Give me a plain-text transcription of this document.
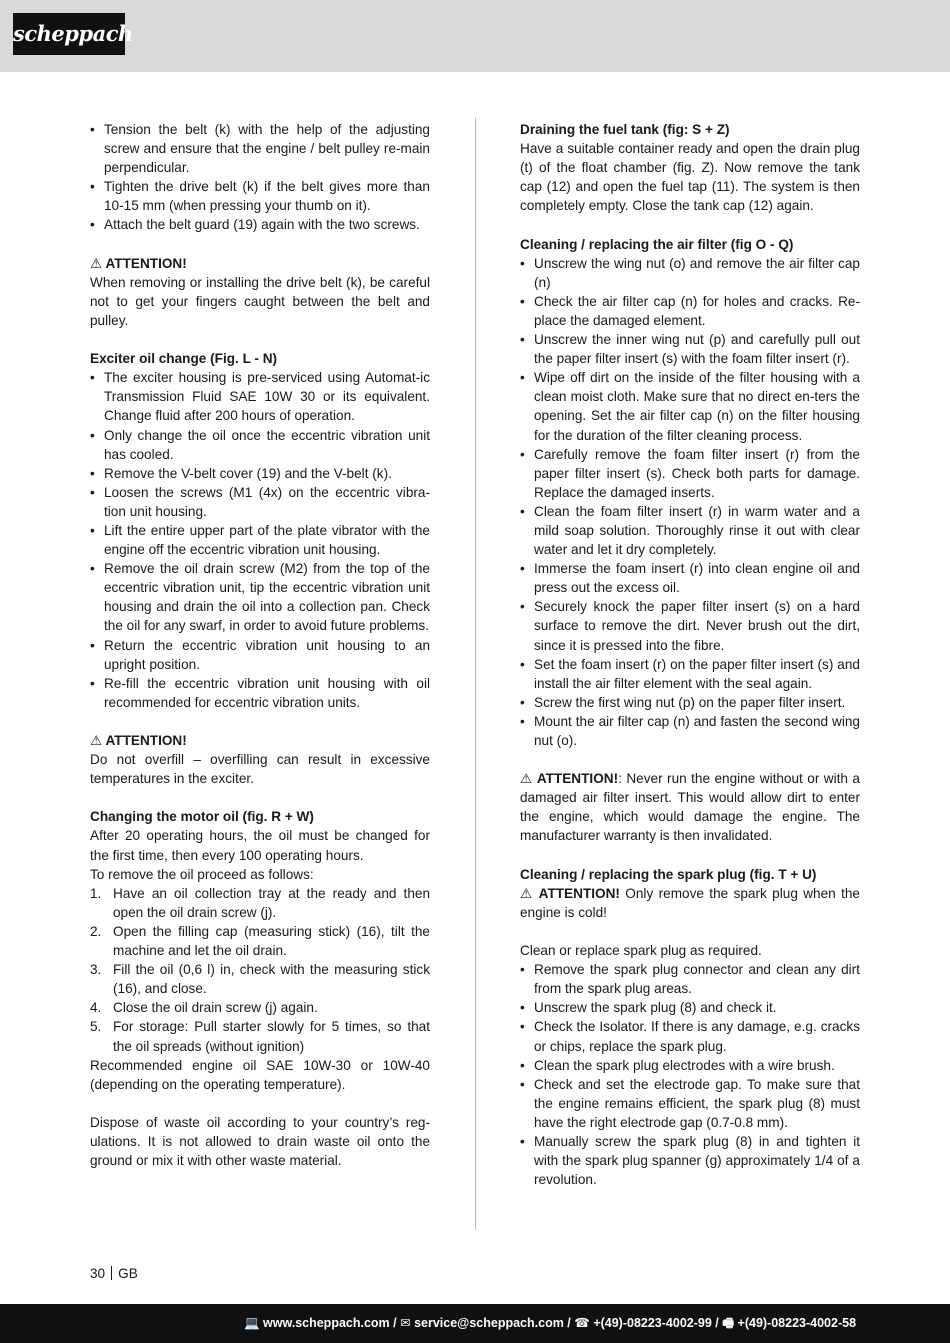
scheppach
• Tension the belt (k) with the help of the adjusting screw and ensure that the engine / belt pulley re-main perpendicular.
• Tighten the drive belt (k) if the belt gives more than 10-15 mm (when pressing your thumb on it).
• Attach the belt guard (19) again with the two screws.

⚠ ATTENTION!

When removing or installing the drive belt (k), be careful not to get your fingers caught between the belt and pulley.

Exciter oil change (Fig. L - N)

• The exciter housing is pre-serviced using Automat-ic Transmission Fluid SAE 10W 30 or its equivalent. Change fluid after 200 hours of operation.
• Only change the oil once the eccentric vibration unit has cooled.
• Remove the V-belt cover (19) and the V-belt (k).
• Loosen the screws (M1 (4x) on the eccentric vibra-tion unit housing.
• Lift the entire upper part of the plate vibrator with the engine off the eccentric vibration unit housing.
• Remove the oil drain screw (M2) from the top of the eccentric vibration unit, tip the eccentric vibration unit housing and drain the oil into a collection pan. Check the oil for any swarf, in order to avoid future problems.
• Return the eccentric vibration unit housing to an upright position.
• Re-fill the eccentric vibration unit housing with oil recommended for eccentric vibration units.

⚠ ATTENTION!

Do not overfill – overfilling can result in excessive temperatures in the exciter.

Changing the motor oil (fig. R + W)

After 20 operating hours, the oil must be changed for the first time, then every 100 operating hours.

To remove the oil proceed as follows:

1. Have an oil collection tray at the ready and then open the oil drain screw (j).
2. Open the filling cap (measuring stick) (16), tilt the machine and let the oil drain.
3. Fill the oil (0,6 l) in, check with the measuring stick (16), and close.
4. Close the oil drain screw (j) again.
5. For storage: Pull starter slowly for 5 times, so that the oil spreads (without ignition)

Recommended engine oil SAE 10W-30 or 10W-40 (depending on the operating temperature).

Dispose of waste oil according to your country’s reg-ulations. It is not allowed to drain waste oil onto the ground or mix it with other waste material.

Draining the fuel tank (fig: S + Z)

Have a suitable container ready and open the drain plug (t) of the float chamber (fig. Z). Now remove the tank cap (12) and open the fuel tap (11). The system is then completely empty. Close the tank cap (12) again.

Cleaning / replacing the air filter (fig O - Q)

• Unscrew the wing nut (o) and remove the air filter cap (n)
• Check the air filter cap (n) for holes and cracks. Re-place the damaged element.
• Unscrew the inner wing nut (p) and carefully pull out the paper filter insert (s) with the foam filter insert (r).
• Wipe off dirt on the inside of the filter housing with a clean moist cloth. Make sure that no direct en-ters the opening. Set the air filter cap (n) on the filter housing for the duration of the filter cleaning process.
• Carefully remove the foam filter insert (r) from the paper filter insert (s). Check both parts for damage. Replace the damaged inserts.
• Clean the foam filter insert (r) in warm water and a mild soap solution. Thoroughly rinse it out with clear water and let it dry completely.
• Immerse the foam insert (r) into clean engine oil and press out the excess oil.
• Securely knock the paper filter insert (s) on a hard surface to remove the dirt. Never brush out the dirt, since it is pressed into the fibre.
• Set the foam insert (r) on the paper filter insert (s) and install the air filter element with the seal again.
• Screw the first wing nut (p) on the paper filter insert.
• Mount the air filter cap (n) and fasten the second wing nut (o).

⚠ ATTENTION!: Never run the engine without or with a damaged air filter insert. This would allow dirt to enter the engine, which would damage the engine. The manufacturer warranty is then invalidated.

Cleaning / replacing the spark plug (fig. T + U)

⚠ ATTENTION! Only remove the spark plug when the engine is cold!

Clean or replace spark plug as required.

• Remove the spark plug connector and clean any dirt from the spark plug areas.
• Unscrew the spark plug (8) and check it.
• Check the Isolator. If there is any damage, e.g. cracks or chips, replace the spark plug.
• Clean the spark plug electrodes with a wire brush.
• Check and set the electrode gap. To make sure that the engine remains efficient, the spark plug (8) must have the right electrode gap (0.7-0.8 mm).
• Manually screw the spark plug (8) in and tighten it with the spark plug spanner (g) approximately 1/4 of a revolution.
30 GB
💻 www.scheppach.com / ✉ service@scheppach.com / ☎ +(49)-08223-4002-99 / 🖷 +(49)-08223-4002-58
